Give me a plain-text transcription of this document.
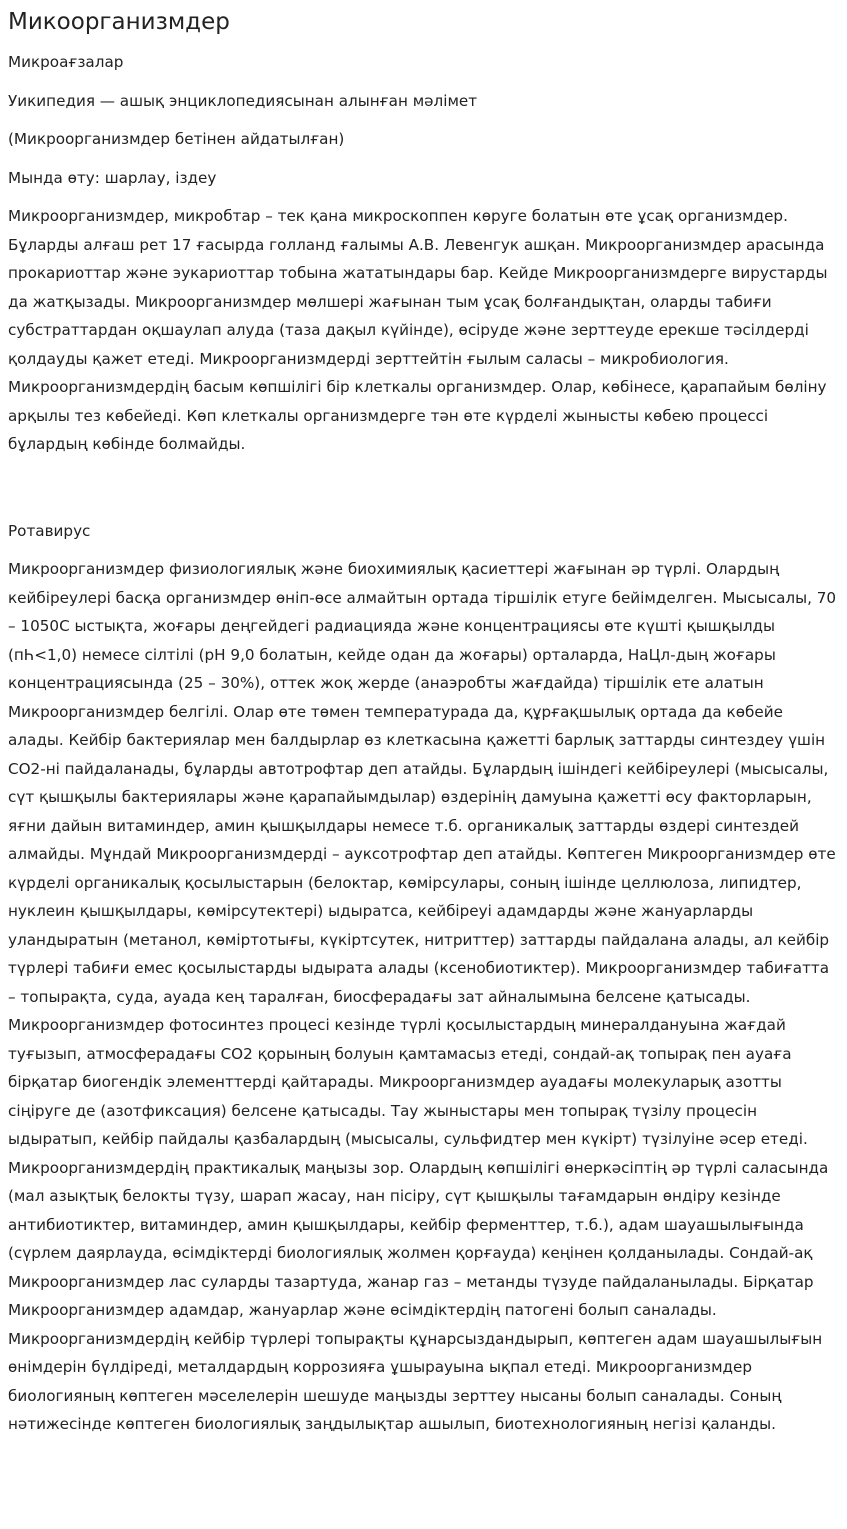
Микоорганизмдер

Микроағзалар

Уикипедия — ашық энциклопедиясынан алынған мәлімет

(Микроорганизмдер бетінен айдатылған)

Мында өту: шарлау, іздеу

Микроорганизмдер, микробтар – тек қана микроскоппен көруге болатын өте ұсақ организмдер. Бұларды алғаш рет 17 ғасырда голланд ғалымы А.В. Левенгук ашқан. Микроорганизмдер арасында прокариоттар және эукариоттар тобына жататындары бар. Кейде Микроорганизмдерге вирустарды да жатқызады. Микроорганизмдер мөлшері жағынан тым ұсақ болғандықтан, оларды табиғи субстраттардан оқшаулап алуда (таза дақыл күйінде), өсіруде және зерттеуде ерекше тәсілдерді қолдауды қажет етеді. Микроорганизмдерді зерттейтін ғылым саласы – микробиология. Микроорганизмдердің басым көпшілігі бір клеткалы организмдер. Олар, көбінесе, қарапайым бөліну арқылы тез көбейеді. Көп клеткалы организмдерге тән өте күрделі жынысты көбею процессі бұлардың көбінде болмайды.

Ротавирус

Микроорганизмдер физиологиялық және биохимиялық қасиеттері жағынан әр түрлі. Олардың кейбіреулері басқа организмдер өніп-өсе алмайтын ортада тіршілік етуге бейімделген. Мысысалы, 70 – 1050С ыстықта, жоғары деңгейдегі радиацияда және концентрациясы өте күшті қышқылды (пҺ<1,0) немесе сілтілі (pH 9,0 болатын, кейде одан да жоғары) орталарда, НаЦл-дың жоғары концентрациясында (25 – 30%), оттек жоқ жерде (анаэробты жағдайда) тіршілік ете алатын Микроорганизмдер белгілі. Олар өте төмен температурада да, құрғақшылық ортада да көбейе алады. Кейбір бактериялар мен балдырлар өз клеткасына қажетті барлық заттарды синтездеу үшін CO2-ні пайдаланады, бұларды автотрофтар деп атайды. Бұлардың ішіндегі кейбіреулері (мысысалы, сүт қышқылы бактериялары және қарапайымдылар) өздерінің дамуына қажетті өсу факторларын, яғни дайын витаминдер, амин қышқылдары немесе т.б. органикалық заттарды өздері синтездей алмайды. Мұндай Микроорганизмдерді – ауксотрофтар деп атайды. Көптеген Микроорганизмдер өте күрделі органикалық қосылыстарын (белоктар, көмірсулары, соның ішінде целлюлоза, липидтер, нуклеин қышқылдары, көмірсутектері) ыдыратса, кейбіреуі адамдарды және жануарларды уландыратын (метанол, көміртотығы, күкіртсутек, нитриттер) заттарды пайдалана алады, ал кейбір түрлері табиғи емес қосылыстарды ыдырата алады (ксенобиотиктер). Микроорганизмдер табиғатта – топырақта, суда, ауада кең таралған, биосферадағы зат айналымына белсене қатысады. Микроорганизмдер фотосинтез процесі кезінде түрлі қосылыстардың минералдануына жағдай туғызып, атмосферадағы CO2 қорының болуын қамтамасыз етеді, сондай-ақ топырақ пен ауаға бірқатар биогендік элементтерді қайтарады. Микроорганизмдер ауадағы молекуларық азотты сіңіруге де (азотфиксация) белсене қатысады. Тау жыныстары мен топырақ түзілу процесін ыдыратып, кейбір пайдалы қазбалардың (мысысалы, сульфидтер мен күкірт) түзілуіне әсер етеді. Микроорганизмдердің практикалық маңызы зор. Олардың көпшілігі өнеркәсіптің әр түрлі саласында (мал азықтық белокты түзу, шарап жасау, нан пісіру, сүт қышқылы тағамдарын өндіру кезінде антибиотиктер, витаминдер, амин қышқылдары, кейбір ферменттер, т.б.), адам шауашылығында (сүрлем даярлауда, өсімдіктерді биологиялық жолмен қорғауда) кеңінен қолданылады. Сондай-ақ Микроорганизмдер лас суларды тазартуда, жанар газ – метанды түзуде пайдаланылады. Бірқатар Микроорганизмдер адамдар, жануарлар және өсімдіктердің патогені болып саналады. Микроорганизмдердің кейбір түрлері топырақты құнарсыздандырып, көптеген адам шауашылығын өнімдерін бүлдіреді, металдардың коррозияға ұшырауына ықпал етеді. Микроорганизмдер биологияның көптеген мәселелерін шешуде маңызды зерттеу нысаны болып саналады. Соның нәтижесінде көптеген биологиялық заңдылықтар ашылып, биотехнологияның негізі қаланды.
